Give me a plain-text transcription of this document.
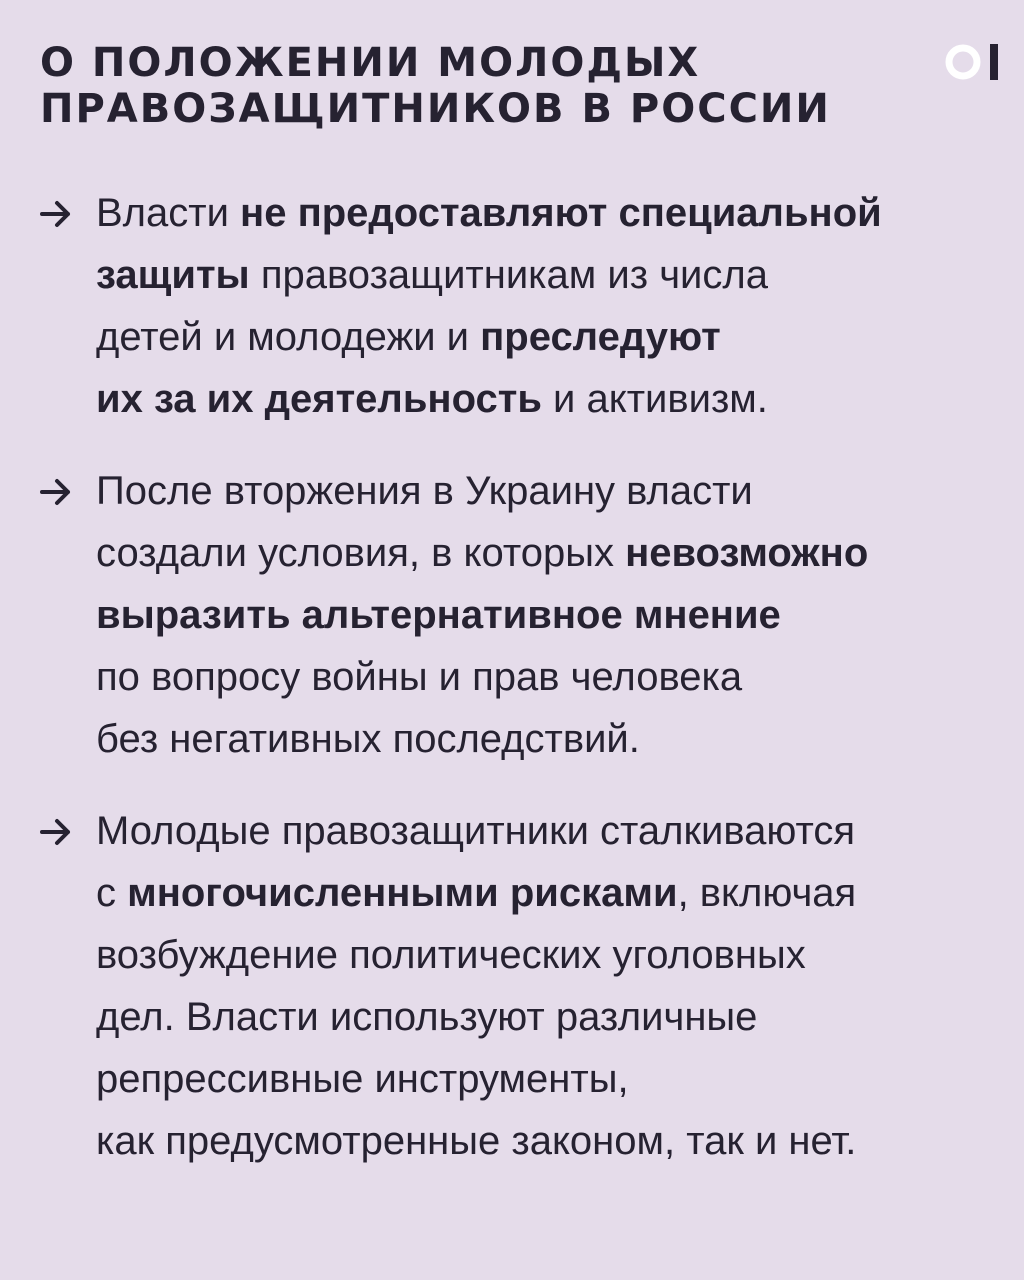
О ПОЛОЖЕНИИ МОЛОДЫХ
ПРАВОЗАЩИТНИКОВ В РОССИИ
Власти не предоставляют специальной
защиты правозащитникам из числа
детей и молодежи и преследуют
их за их деятельность и активизм.
После вторжения в Украину власти
создали условия, в которых невозможно
выразить альтернативное мнение
по вопросу войны и прав человека
без негативных последствий.
Молодые правозащитники сталкиваются
с многочисленными рисками, включая
возбуждение политических уголовных
дел. Власти используют различные
репрессивные инструменты,
как предусмотренные законом, так и нет.
